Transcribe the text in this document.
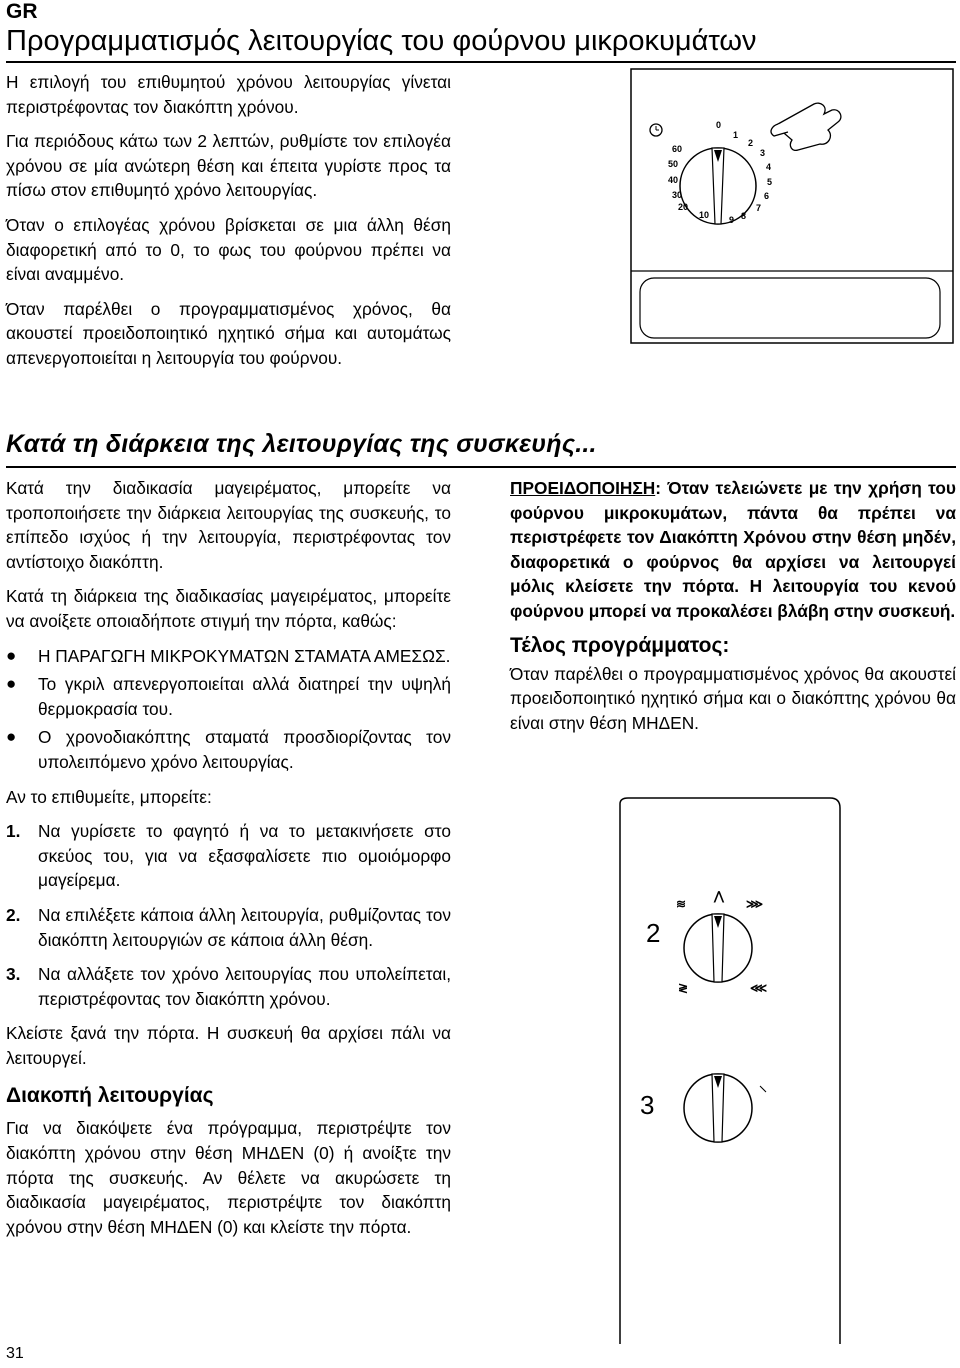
GR
Προγραμματισμός λειτουργίας του φούρνου μικροκυμάτων

Η επιλογή του επιθυμητού χρόνου λειτουργίας γίνεται περιστρέφοντας τον διακόπτη χρόνου.

Για περιόδους κάτω των 2 λεπτών, ρυθμίστε τον επιλογέα χρόνου σε μία ανώτερη θέση και έπειτα γυρίστε προς τα πίσω στον επιθυμητό χρόνο λειτουργίας.

Όταν ο επιλογέας χρόνου βρίσκεται σε μια άλλη θέση διαφορετική από το 0, το φως του φούρνου πρέπει να είναι αναμμένο.

Όταν παρέλθει ο προγραμματισμένος χρόνος, θα ακουστεί προειδοποιητικό ηχητικό σήμα και αυτομάτως απενεργοποιείται η λειτουργία του φούρνου.

0
1
2
3
4
5
6
7
8
9
10
20
30
40
50
60
Κατά τη διάρκεια της λειτουργίας της συσκευής...

Κατά την διαδικασία μαγειρέματος, μπορείτε να τροποποιήσετε την διάρκεια λειτουργίας της συσκευής, το επίπεδο ισχύος ή την λειτουργία, περιστρέφοντας τον αντίστοιχο διακόπτη.

Κατά τη διάρκεια της διαδικασίας μαγειρέματος, μπορείτε να ανοίξετε οποιαδήποτε στιγμή την πόρτα, καθώς:

● Η ΠΑΡΑΓΩΓΗ ΜΙΚΡΟΚΥΜΑΤΩΝ ΣΤΑΜΑΤΑ ΑΜΕΣΩΣ.
● Το γκριλ απενεργοποιείται αλλά διατηρεί την υψηλή θερμοκρασία του.
● Ο χρονοδιακόπτης σταματά προσδιορίζοντας τον υπολειπόμενο χρόνο λειτουργίας.

Αν το επιθυμείτε, μπορείτε:

1. Να γυρίσετε το φαγητό ή να το μετακινήσετε στο σκεύος του, για να εξασφαλίσετε πιο ομοιόμορφο μαγείρεμα.

2. Να επιλέξετε κάποια άλλη λειτουργία, ρυθμίζοντας τον διακόπτη λειτουργιών σε κάποια άλλη θέση.

3. Να αλλάξετε τον χρόνο λειτουργίας που υπολείπεται, περιστρέφοντας τον διακόπτη χρόνου.

Κλείστε ξανά την πόρτα. Η συσκευή θα αρχίσει πάλι να λειτουργεί.

Διακοπή λειτουργίας

Για να διακόψετε ένα πρόγραμμα, περιστρέψτε τον διακόπτη χρόνου στην θέση ΜΗΔΕΝ (0) ή ανοίξτε την πόρτα της συσκευής. Αν θέλετε να ακυρώσετε τη διαδικασία μαγειρέματος, περιστρέψτε τον διακόπτη χρόνου στην θέση ΜΗΔΕΝ (0) και κλείστε την πόρτα.

ΠΡΟΕΙΔΟΠΟΙΗΣΗ: Όταν τελειώνετε με την χρήση του φούρνου μικροκυμάτων, πάντα θα πρέπει να περιστρέφετε τον Διακόπτη Χρόνου στην θέση μηδέν, διαφορετικά ο φούρνος θα αρχίσει να λειτουργεί μόλις κλείσετε την πόρτα. Η λειτουργία του κενού φούρνου μπορεί να προκαλέσει βλάβη στην συσκευή.

Τέλος προγράμματος:

Όταν παρέλθει ο προγραμματισμένος χρόνος θα ακουστεί προειδοποιητικό ηχητικό σήμα και ο διακόπτης χρόνου θα είναι στην θέση ΜΗΔΕΝ.

≋
⋀
⋙
≷	⋘
2
3
31
